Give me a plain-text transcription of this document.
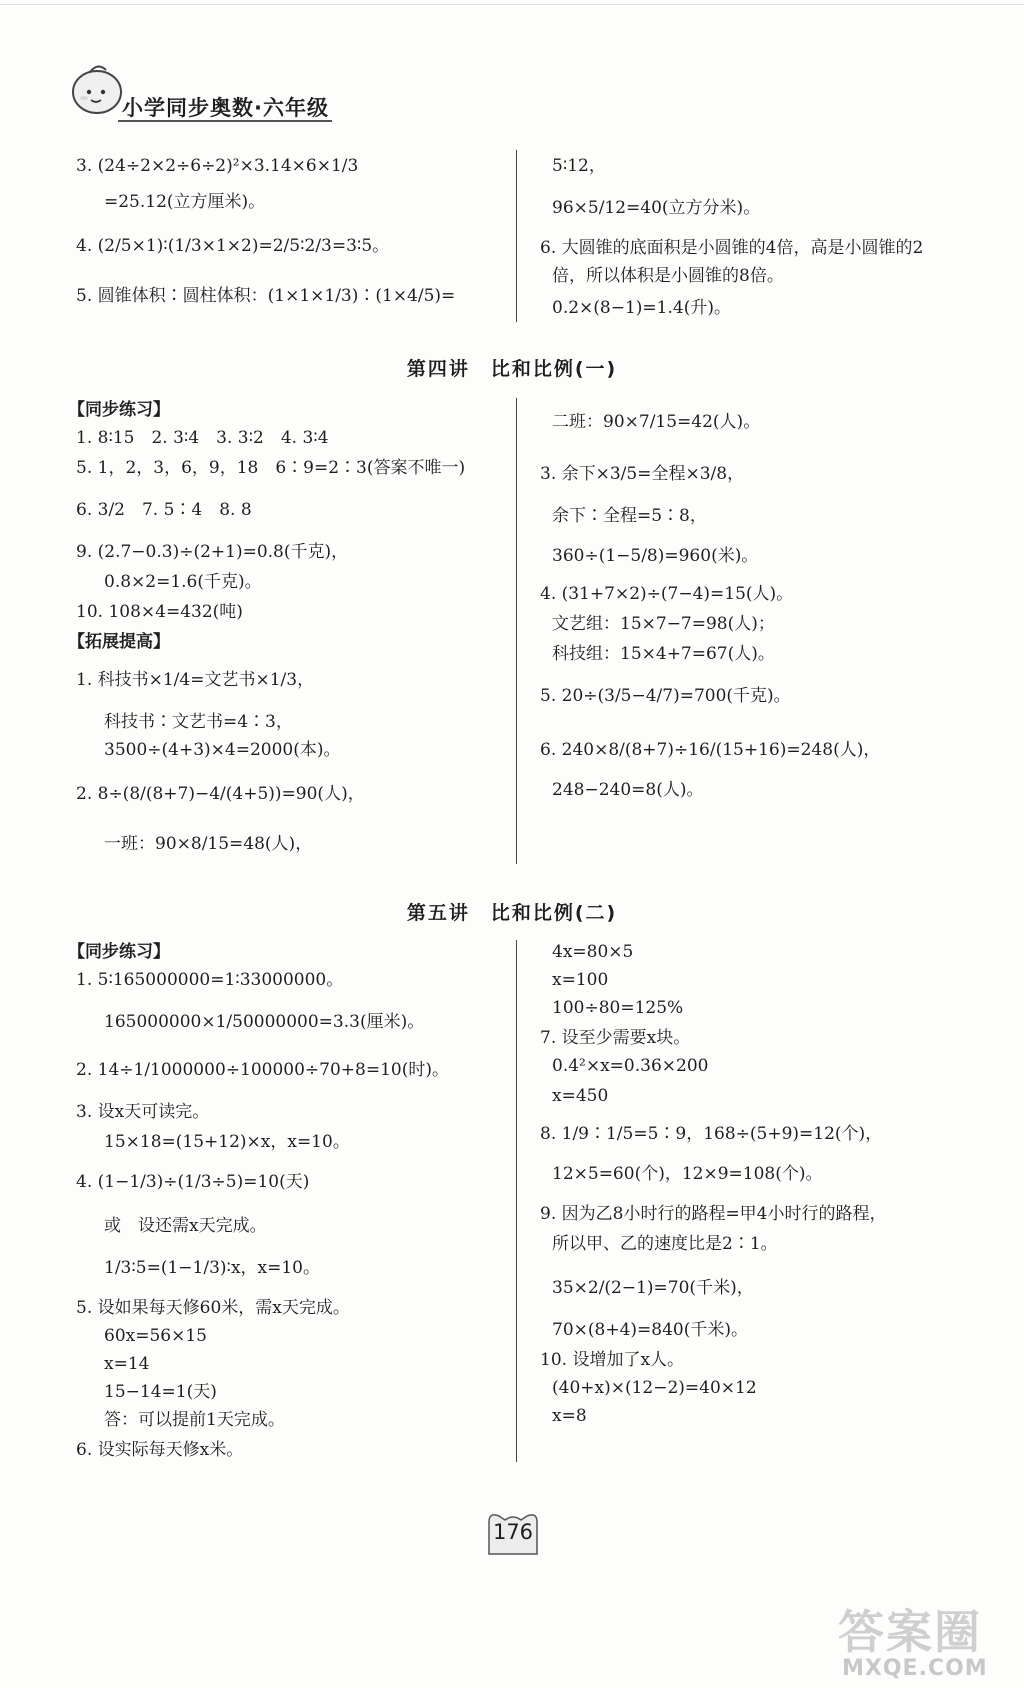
小学同步奥数·六年级
3. (24÷2×2÷6÷2)²×3.14×6×1/3
=25.12(立方厘米)。
4. (2/5×1)∶(1/3×1×2)=2/5∶2/3=3∶5。
5. 圆锥体积∶圆柱体积：(1×1×1/3)∶(1×4/5)=
5∶12，
96×5/12=40(立方分米)。
6. 大圆锥的底面积是小圆锥的4倍，高是小圆锥的2
倍，所以体积是小圆锥的8倍。
0.2×(8−1)=1.4(升)。
第四讲　比和比例(一)
【同步练习】
1. 8∶15　2. 3∶4　3. 3∶2　4. 3∶4
5. 1，2，3，6，9，18　6∶9=2∶3(答案不唯一)
6. 3/2　7. 5∶4　8. 8
9. (2.7−0.3)÷(2+1)=0.8(千克)，
0.8×2=1.6(千克)。
10. 108×4=432(吨)
【拓展提高】
1. 科技书×1/4=文艺书×1/3，
科技书∶文艺书=4∶3，
3500÷(4+3)×4=2000(本)。
2. 8÷(8/(8+7)−4/(4+5))=90(人)，
一班：90×8/15=48(人)，
二班：90×7/15=42(人)。
3. 余下×3/5=全程×3/8，
余下∶全程=5∶8，
360÷(1−5/8)=960(米)。
4. (31+7×2)÷(7−4)=15(人)。
文艺组：15×7−7=98(人)；
科技组：15×4+7=67(人)。
5. 20÷(3/5−4/7)=700(千克)。
6. 240×8/(8+7)÷16/(15+16)=248(人)，
248−240=8(人)。
第五讲　比和比例(二)
【同步练习】
1. 5∶165000000=1∶33000000。
165000000×1/50000000=3.3(厘米)。
2. 14÷1/1000000÷100000÷70+8=10(时)。
3. 设x天可读完。
15×18=(15+12)×x，x=10。
4. (1−1/3)÷(1/3÷5)=10(天)
或　设还需x天完成。
1/3∶5=(1−1/3)∶x，x=10。
5. 设如果每天修60米，需x天完成。
60x=56×15
x=14
15−14=1(天)
答：可以提前1天完成。
6. 设实际每天修x米。
4x=80×5
x=100
100÷80=125%
7. 设至少需要x块。
0.4²×x=0.36×200
x=450
8. 1/9∶1/5=5∶9，168÷(5+9)=12(个)，
12×5=60(个)，12×9=108(个)。
9. 因为乙8小时行的路程=甲4小时行的路程，
所以甲、乙的速度比是2∶1。
35×2/(2−1)=70(千米)，
70×(8+4)=840(千米)。
10. 设增加了x人。
(40+x)×(12−2)=40×12
x=8
176
答案圈
MXQE.COM
